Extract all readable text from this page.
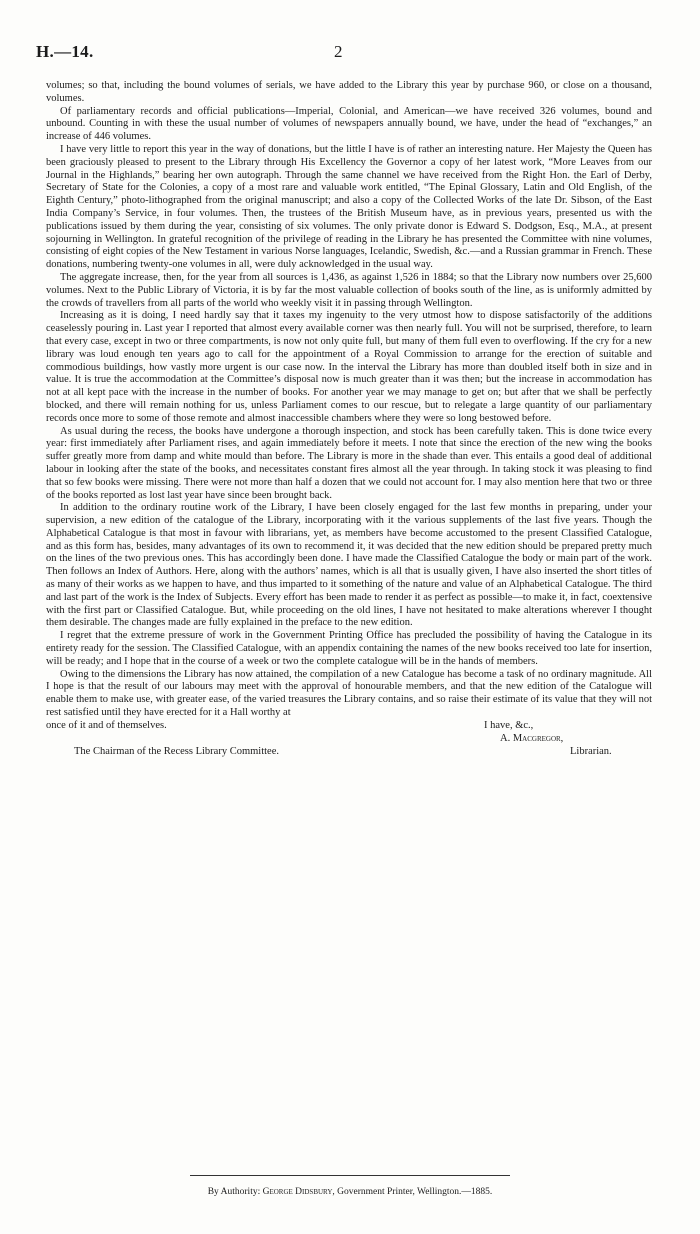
H.—14.	2

volumes; so that, including the bound volumes of serials, we have added to the Library this year by purchase 960, or close on a thousand, volumes.

Of parliamentary records and official publications—Imperial, Colonial, and American—we have received 326 volumes, bound and unbound. Counting in with these the usual number of volumes of newspapers annually bound, we have, under the head of “exchanges,” an increase of 446 volumes.

I have very little to report this year in the way of donations, but the little I have is of rather an interesting nature. Her Majesty the Queen has been graciously pleased to present to the Library through His Excellency the Governor a copy of her latest work, “More Leaves from our Journal in the Highlands,” bearing her own autograph. Through the same channel we have received from the Right Hon. the Earl of Derby, Secretary of State for the Colonies, a copy of a most rare and valuable work entitled, “The Epinal Glossary, Latin and Old English, of the Eighth Century,” photo-lithographed from the original manuscript; and also a copy of the Collected Works of the late Dr. Sibson, of the East India Company’s Service, in four volumes. Then, the trustees of the British Museum have, as in previous years, presented us with the publications issued by them during the year, consisting of six volumes. The only private donor is Edward S. Dodgson, Esq., M.A., at present sojourning in Wellington. In grateful recognition of the privilege of reading in the Library he has presented the Committee with nine volumes, consisting of eight copies of the New Testament in various Norse languages, Icelandic, Swedish, &c.—and a Russian grammar in French. These donations, numbering twenty-one volumes in all, were duly acknowledged in the usual way.

The aggregate increase, then, for the year from all sources is 1,436, as against 1,526 in 1884; so that the Library now numbers over 25,600 volumes. Next to the Public Library of Victoria, it is by far the most valuable collection of books south of the line, as is uniformly admitted by the crowds of travellers from all parts of the world who weekly visit it in passing through Wellington.

Increasing as it is doing, I need hardly say that it taxes my ingenuity to the very utmost how to dispose satisfactorily of the additions ceaselessly pouring in. Last year I reported that almost every available corner was then nearly full. You will not be surprised, therefore, to learn that every case, except in two or three compartments, is now not only quite full, but many of them full even to overflowing. If the cry for a new library was loud enough ten years ago to call for the appointment of a Royal Commission to arrange for the erection of suitable and commodious buildings, how vastly more urgent is our case now. In the interval the Library has more than doubled itself both in size and in value. It is true the accommodation at the Committee’s disposal now is much greater than it was then; but the increase in accommodation has not at all kept pace with the increase in the number of books. For another year we may manage to get on; but after that we shall be perfectly blocked, and there will remain nothing for us, unless Parliament comes to our rescue, but to relegate a large quantity of our parliamentary records once more to some of those remote and almost inaccessible chambers where they were so long bestowed before.

As usual during the recess, the books have undergone a thorough inspection, and stock has been carefully taken. This is done twice every year: first immediately after Parliament rises, and again immediately before it meets. I note that since the erection of the new wing the books suffer greatly more from damp and white mould than before. The Library is more in the shade than ever. This entails a good deal of additional labour in looking after the state of the books, and necessitates constant fires almost all the year through. In taking stock it was pleasing to find that so few books were missing. There were not more than half a dozen that we could not account for. I may also mention here that two or three of the books reported as lost last year have since been brought back.

In addition to the ordinary routine work of the Library, I have been closely engaged for the last few months in preparing, under your supervision, a new edition of the catalogue of the Library, incorporating with it the various supplements of the last five years. Though the Alphabetical Catalogue is that most in favour with librarians, yet, as members have become accustomed to the present Classified Catalogue, and as this form has, besides, many advantages of its own to recommend it, it was decided that the new edition should be prepared pretty much on the lines of the two previous ones. This has accordingly been done. I have made the Classified Catalogue the body or main part of the work. Then follows an Index of Authors. Here, along with the authors’ names, which is all that is usually given, I have also inserted the short titles of as many of their works as we happen to have, and thus imparted to it something of the nature and value of an Alphabetical Catalogue. The third and last part of the work is the Index of Subjects. Every effort has been made to render it as perfect as possible—to make it, in fact, coextensive with the first part or Classified Catalogue. But, while proceeding on the old lines, I have not hesitated to make alterations wherever I thought them desirable. The changes made are fully explained in the preface to the new edition.

I regret that the extreme pressure of work in the Government Printing Office has precluded the possibility of having the Catalogue in its entirety ready for the session. The Classified Catalogue, with an appendix containing the names of the new books received too late for insertion, will be ready; and I hope that in the course of a week or two the complete catalogue will be in the hands of members.

Owing to the dimensions the Library has now attained, the compilation of a new Catalogue has become a task of no ordinary magnitude. All I hope is that the result of our labours may meet with the approval of honourable members, and that the new edition of the Catalogue will enable them to make use, with greater ease, of the varied treasures the Library contains, and so raise their estimate of its value that they will not rest satisfied until they have erected for it a Hall worthy at

once of it and of themselves.	I have, &c.,
A. Macgregor,
The Chairman of the Recess Library Committee.	Librarian.
By Authority: George Didsbury, Government Printer, Wellington.—1885.
